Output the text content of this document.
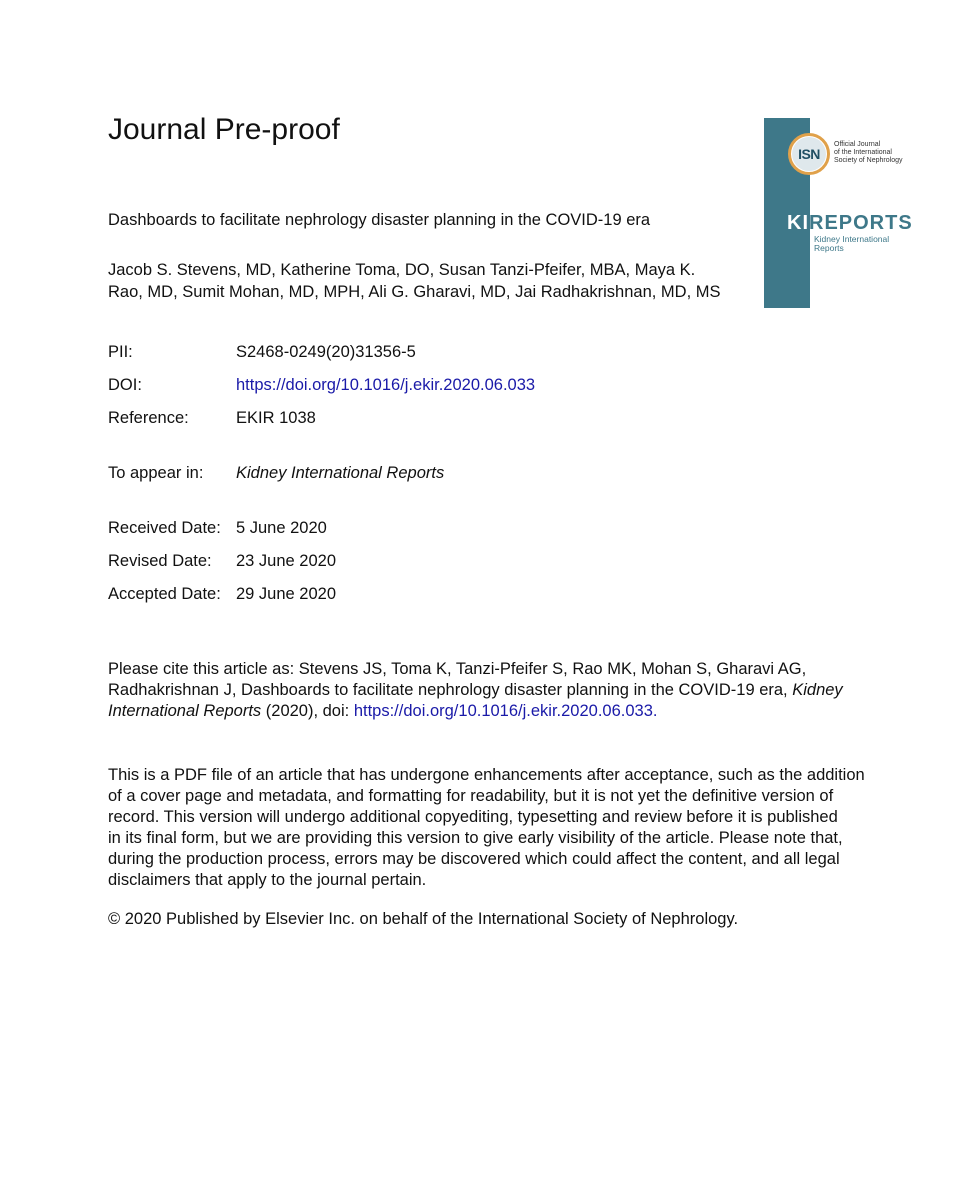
Journal Pre-proof
ISN
Official Journal
of the International
Society of Nephrology
KIREPORTS
Kidney International
Reports
Dashboards to facilitate nephrology disaster planning in the COVID-19 era
Jacob S. Stevens, MD, Katherine Toma, DO, Susan Tanzi-Pfeifer, MBA, Maya K.
Rao, MD, Sumit Mohan, MD, MPH, Ali G. Gharavi, MD, Jai Radhakrishnan, MD, MS
PII:	S2468-0249(20)31356-5
DOI:	https://doi.org/10.1016/j.ekir.2020.06.033
Reference:	EKIR 1038
To appear in: Kidney International Reports
Received Date: 5 June 2020
Revised Date: 23 June 2020
Accepted Date: 29 June 2020
Please cite this article as: Stevens JS, Toma K, Tanzi-Pfeifer S, Rao MK, Mohan S, Gharavi AG,
Radhakrishnan J, Dashboards to facilitate nephrology disaster planning in the COVID-19 era, Kidney
International Reports (2020), doi: https://doi.org/10.1016/j.ekir.2020.06.033.
This is a PDF file of an article that has undergone enhancements after acceptance, such as the addition
of a cover page and metadata, and formatting for readability, but it is not yet the definitive version of
record. This version will undergo additional copyediting, typesetting and review before it is published
in its final form, but we are providing this version to give early visibility of the article. Please note that,
during the production process, errors may be discovered which could affect the content, and all legal
disclaimers that apply to the journal pertain.
© 2020 Published by Elsevier Inc. on behalf of the International Society of Nephrology.
